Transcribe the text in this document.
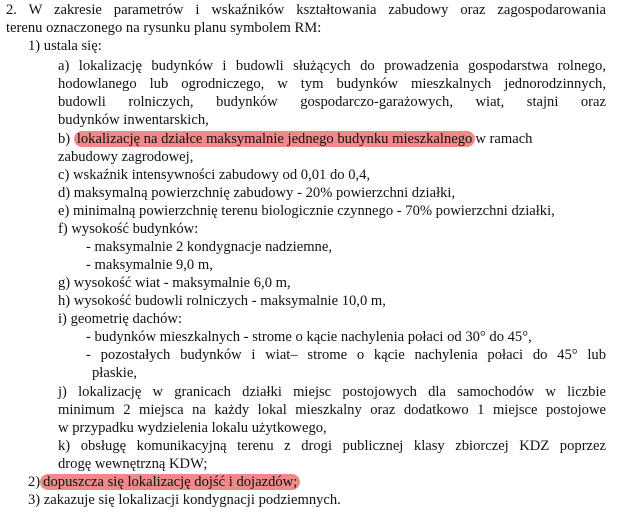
2. W zakresie parametrów i wskaźników kształtowania zabudowy oraz zagospodarowania
terenu oznaczonego na rysunku planu symbolem RM:
1) ustala się:
a) lokalizację budynków i budowli służących do prowadzenia gospodarstwa rolnego,
hodowlanego lub ogrodniczego, w tym budynków mieszkalnych jednorodzinnych,
budowli rolniczych, budynków gospodarczo-garażowych, wiat, stajni oraz
budynków inwentarskich,
b) lokalizację na działce maksymalnie jednego budynku mieszkalnego w ramach
zabudowy zagrodowej,
c) wskaźnik intensywności zabudowy od 0,01 do 0,4,
d) maksymalną powierzchnię zabudowy - 20% powierzchni działki,
e) minimalną powierzchnię terenu biologicznie czynnego - 70% powierzchni działki,
f) wysokość budynków:
- maksymalnie 2 kondygnacje nadziemne,
- maksymalnie 9,0 m,
g) wysokość wiat - maksymalnie 6,0 m,
h) wysokość budowli rolniczych - maksymalnie 10,0 m,
i) geometrię dachów:
- budynków mieszkalnych - strome o kącie nachylenia połaci od 30° do 45°,
- pozostałych budynków i wiat– strome o kącie nachylenia połaci do 45° lub
płaskie,
j) lokalizację w granicach działki miejsc postojowych dla samochodów w liczbie
minimum 2 miejsca na każdy lokal mieszkalny oraz dodatkowo 1 miejsce postojowe
w przypadku wydzielenia lokalu użytkowego,
k) obsługę komunikacyjną terenu z drogi publicznej klasy zbiorczej KDZ poprzez
drogę wewnętrzną KDW;
2) dopuszcza się lokalizację dojść i dojazdów;
3) zakazuje się lokalizacji kondygnacji podziemnych.
